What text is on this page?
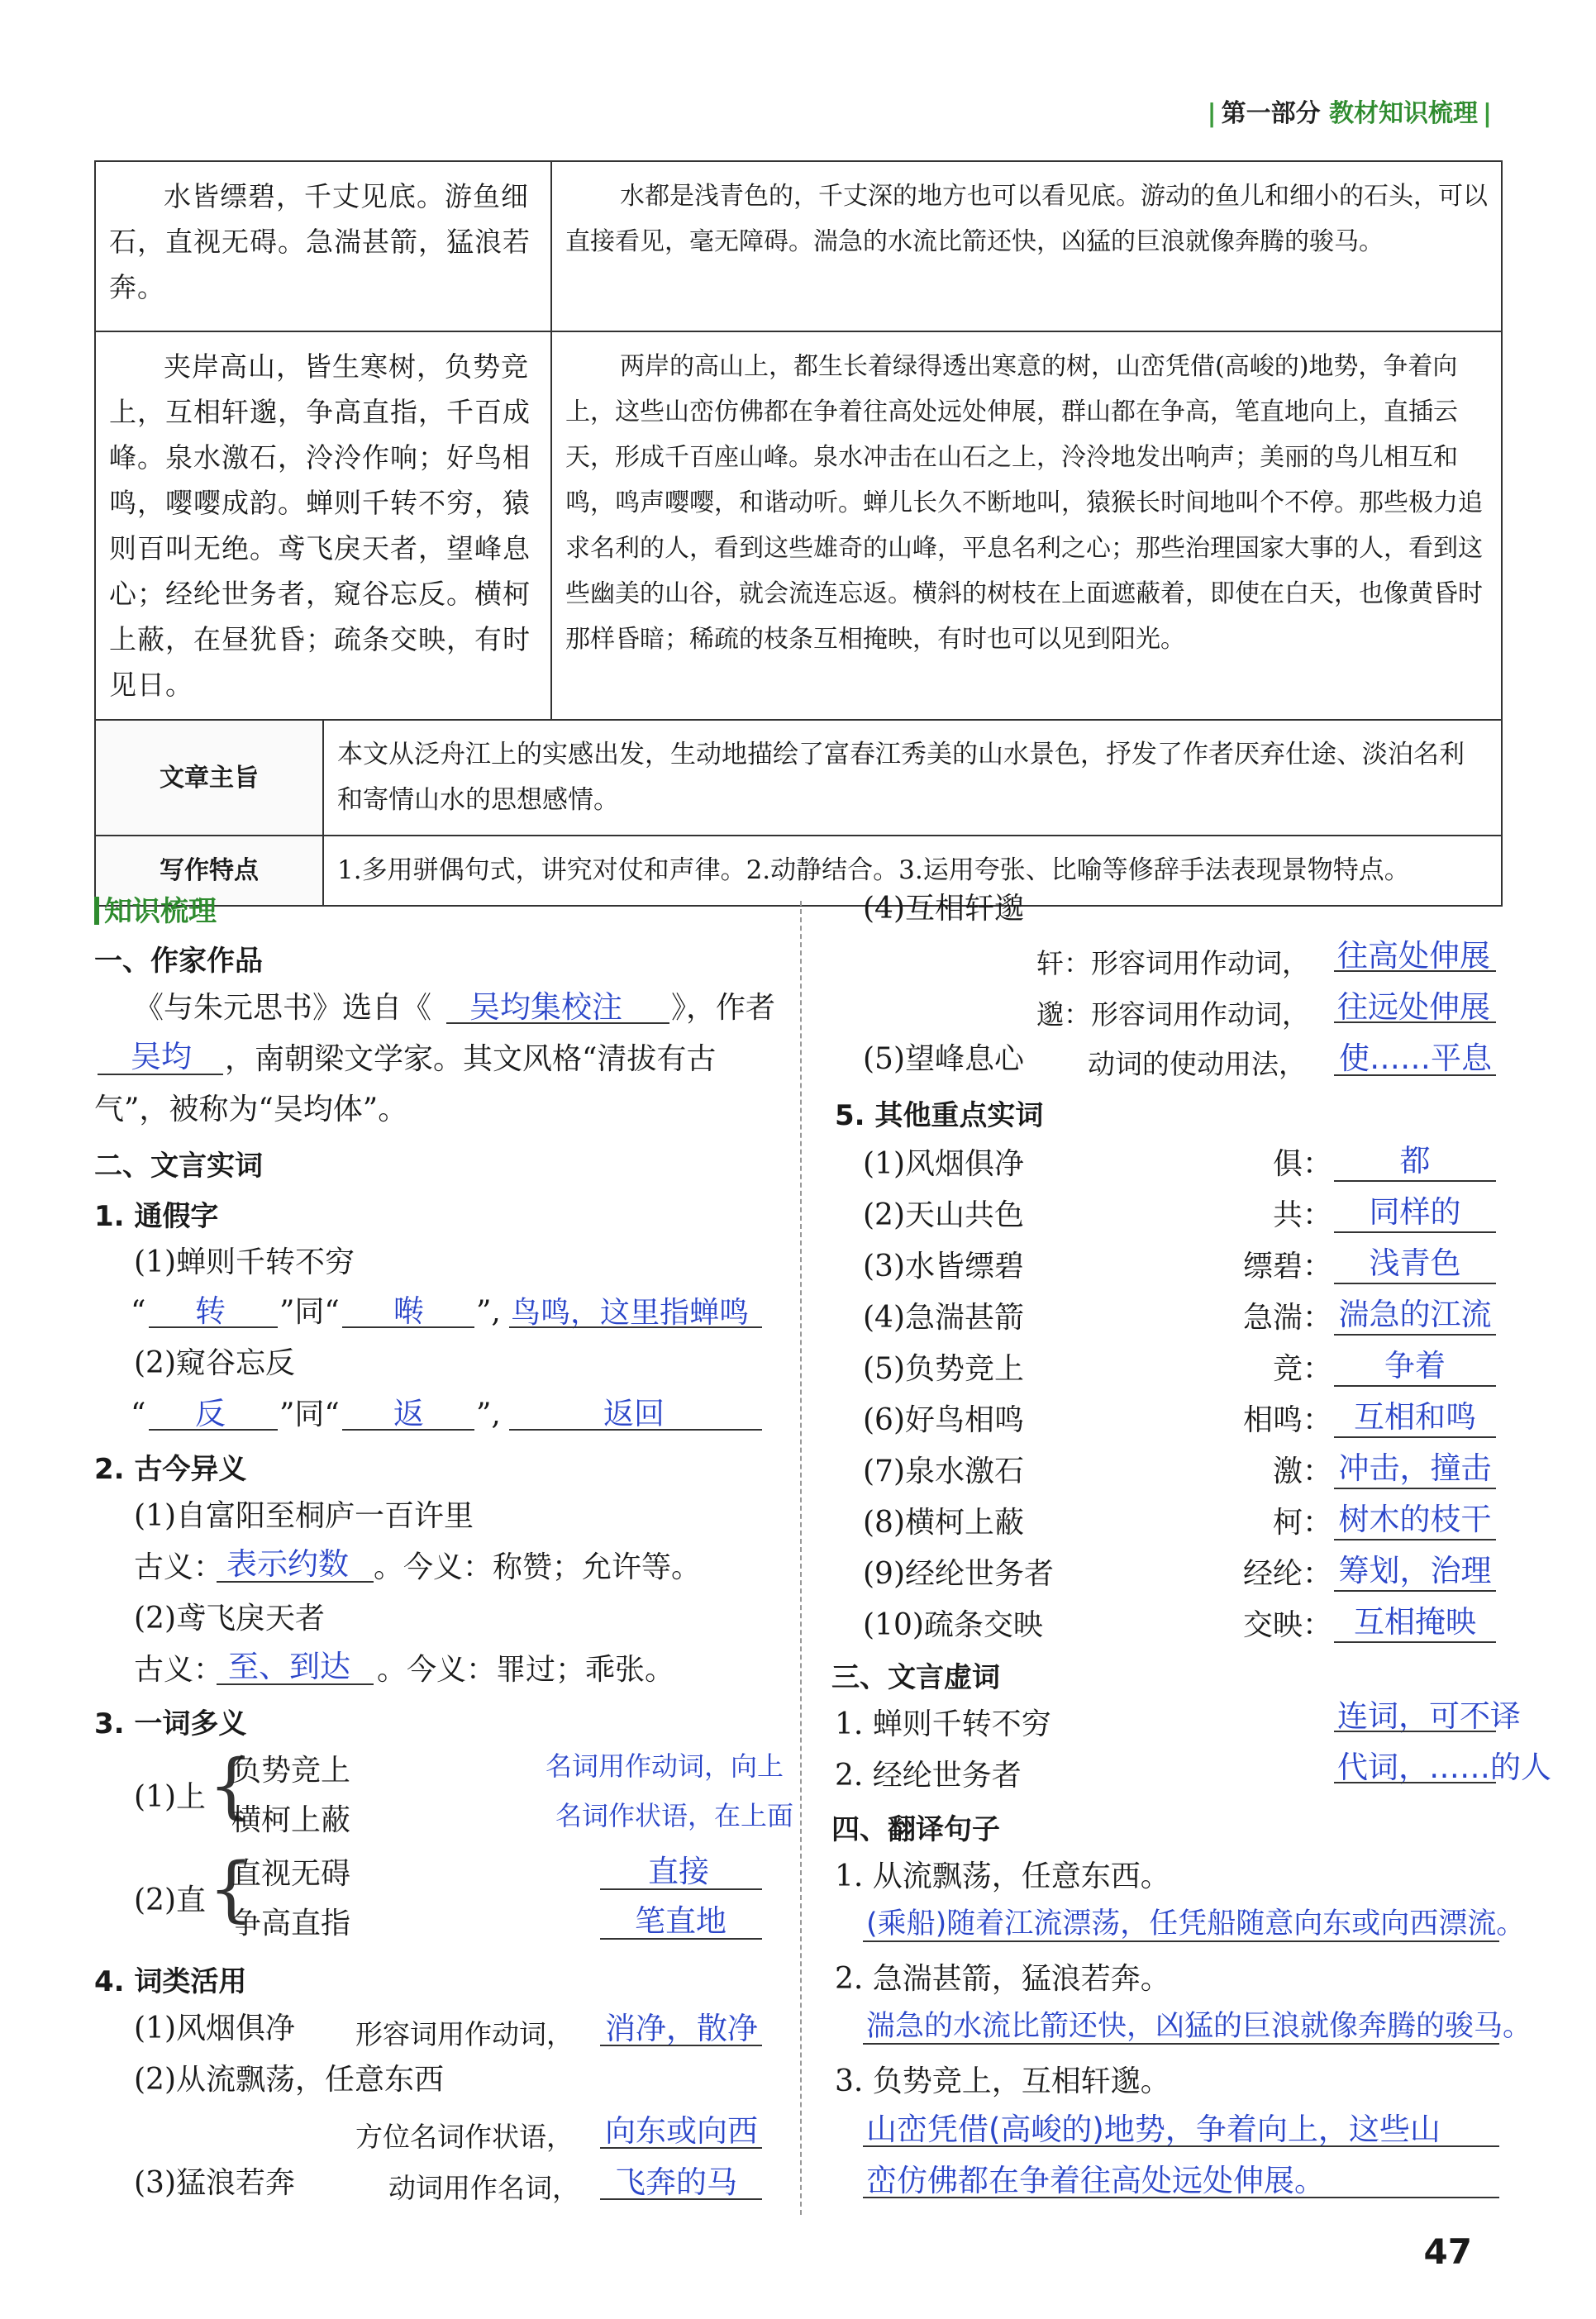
| 第一部分 教材知识梳理 |
水皆缥碧，千丈见底。游鱼细石，直视无碍。急湍甚箭，猛浪若奔。		水都是浅青色的，千丈深的地方也可以看见底。游动的鱼儿和细小的石头，可以直接看见，毫无障碍。湍急的水流比箭还快，凶猛的巨浪就像奔腾的骏马。
夹岸高山，皆生寒树，负势竞上，互相轩邈，争高直指，千百成峰。泉水激石，泠泠作响；好鸟相鸣，嘤嘤成韵。蝉则千转不穷，猿则百叫无绝。鸢飞戾天者，望峰息心；经纶世务者，窥谷忘反。横柯上蔽，在昼犹昏；疏条交映，有时见日。		两岸的高山上，都生长着绿得透出寒意的树，山峦凭借(高峻的)地势，争着向上，这些山峦仿佛都在争着往高处远处伸展，群山都在争高，笔直地向上，直插云天，形成千百座山峰。泉水冲击在山石之上，泠泠地发出响声；美丽的鸟儿相互和鸣，鸣声嘤嘤，和谐动听。蝉儿长久不断地叫，猿猴长时间地叫个不停。那些极力追求名利的人，看到这些雄奇的山峰，平息名利之心；那些治理国家大事的人，看到这些幽美的山谷，就会流连忘返。横斜的树枝在上面遮蔽着，即使在白天，也像黄昏时那样昏暗；稀疏的枝条互相掩映，有时也可以见到阳光。
文章主旨	本文从泛舟江上的实感出发，生动地描绘了富春江秀美的山水景色，抒发了作者厌弃仕途、淡泊名利和寄情山水的思想感情。	
写作特点	1.多用骈偶句式，讲究对仗和声律。2.动静结合。3.运用夸张、比喻等修辞手法表现景物特点。	
知识梳理
一、作家作品
《与朱元思书》选自《 吴均集校注 》，作者
吴均 ，南朝梁文学家。其文风格“清拔有古
气”，被称为“吴均体”。
二、文言实词
1. 通假字
(1)蝉则千转不穷
“ 转 ”同“ 啭 ”, 鸟鸣，这里指蝉鸣
(2)窥谷忘反
“ 反 ”同“ 返 ”,	返回
2. 古今异义
(1)自富阳至桐庐一百许里
古义： 表示约数 。今义：称赞；允许等。
(2)鸢飞戾天者
古义： 至、到达 。今义：罪过；乖张。
3. 一词多义
(1)上 {
负势竞上	名词用作动词，向上
横柯上蔽	名词作状语，在上面
(2)直 {
直视无碍	直接
争高直指	笔直地
4. 词类活用
(1)风烟俱净 形容词用作动词， 消净，散净
(2)从流飘荡，任意东西
方位名词作状语， 向东或向西
(3)猛浪若奔	动词用作名词， 飞奔的马
(4)互相轩邈
轩：形容词用作动词， 往高处伸展
邈：形容词用作动词， 往远处伸展
(5)望峰息心 动词的使动用法， 使……平息
5. 其他重点实词
(1)风烟俱净	俱：	都
(2)天山共色	共：	同样的
(3)水皆缥碧	缥碧：	浅青色
(4)急湍甚箭	急湍： 湍急的江流
(5)负势竞上	竞：	争着
(6)好鸟相鸣	相鸣： 互相和鸣
(7)泉水激石	激： 冲击，撞击
(8)横柯上蔽	柯： 树木的枝干
(9)经纶世务者	经纶： 筹划，治理
(10)疏条交映	交映： 互相掩映
三、文言虚词
1. 蝉则千转不穷	连词，可不译
2. 经纶世务者	代词，……的人
四、翻译句子
1. 从流飘荡，任意东西。
(乘船)随着江流漂荡，任凭船随意向东或向西漂流。
2. 急湍甚箭，猛浪若奔。
湍急的水流比箭还快，凶猛的巨浪就像奔腾的骏马。
3. 负势竞上，互相轩邈。
山峦凭借(高峻的)地势，争着向上，这些山
峦仿佛都在争着往高处远处伸展。
47
